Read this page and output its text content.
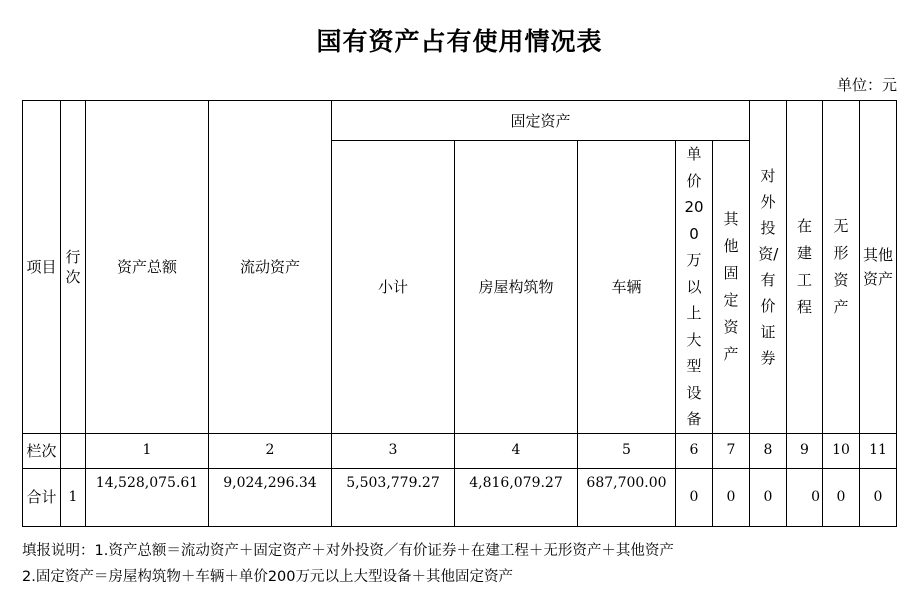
国有资产占有使用情况表
单位：元
项目	行次	资产总额	流动资产	固定资产					对外投资/有价证券	在建工程	无形资产	其他资产
				小计	房屋构筑物	车辆	单价200万以上大型设备	其他固定资产				
栏次		1	2	3	4	5	6	7	8	9	10	11
合计	1	14,528,075.61	9,024,296.34	5,503,779.27	4,816,079.27	687,700.00	0	0	0	0	0	0
填报说明：1.资产总额＝流动资产＋固定资产＋对外投资／有价证券＋在建工程＋无形资产＋其他资产
2.固定资产＝房屋构筑物＋车辆＋单价200万元以上大型设备＋其他固定资产
